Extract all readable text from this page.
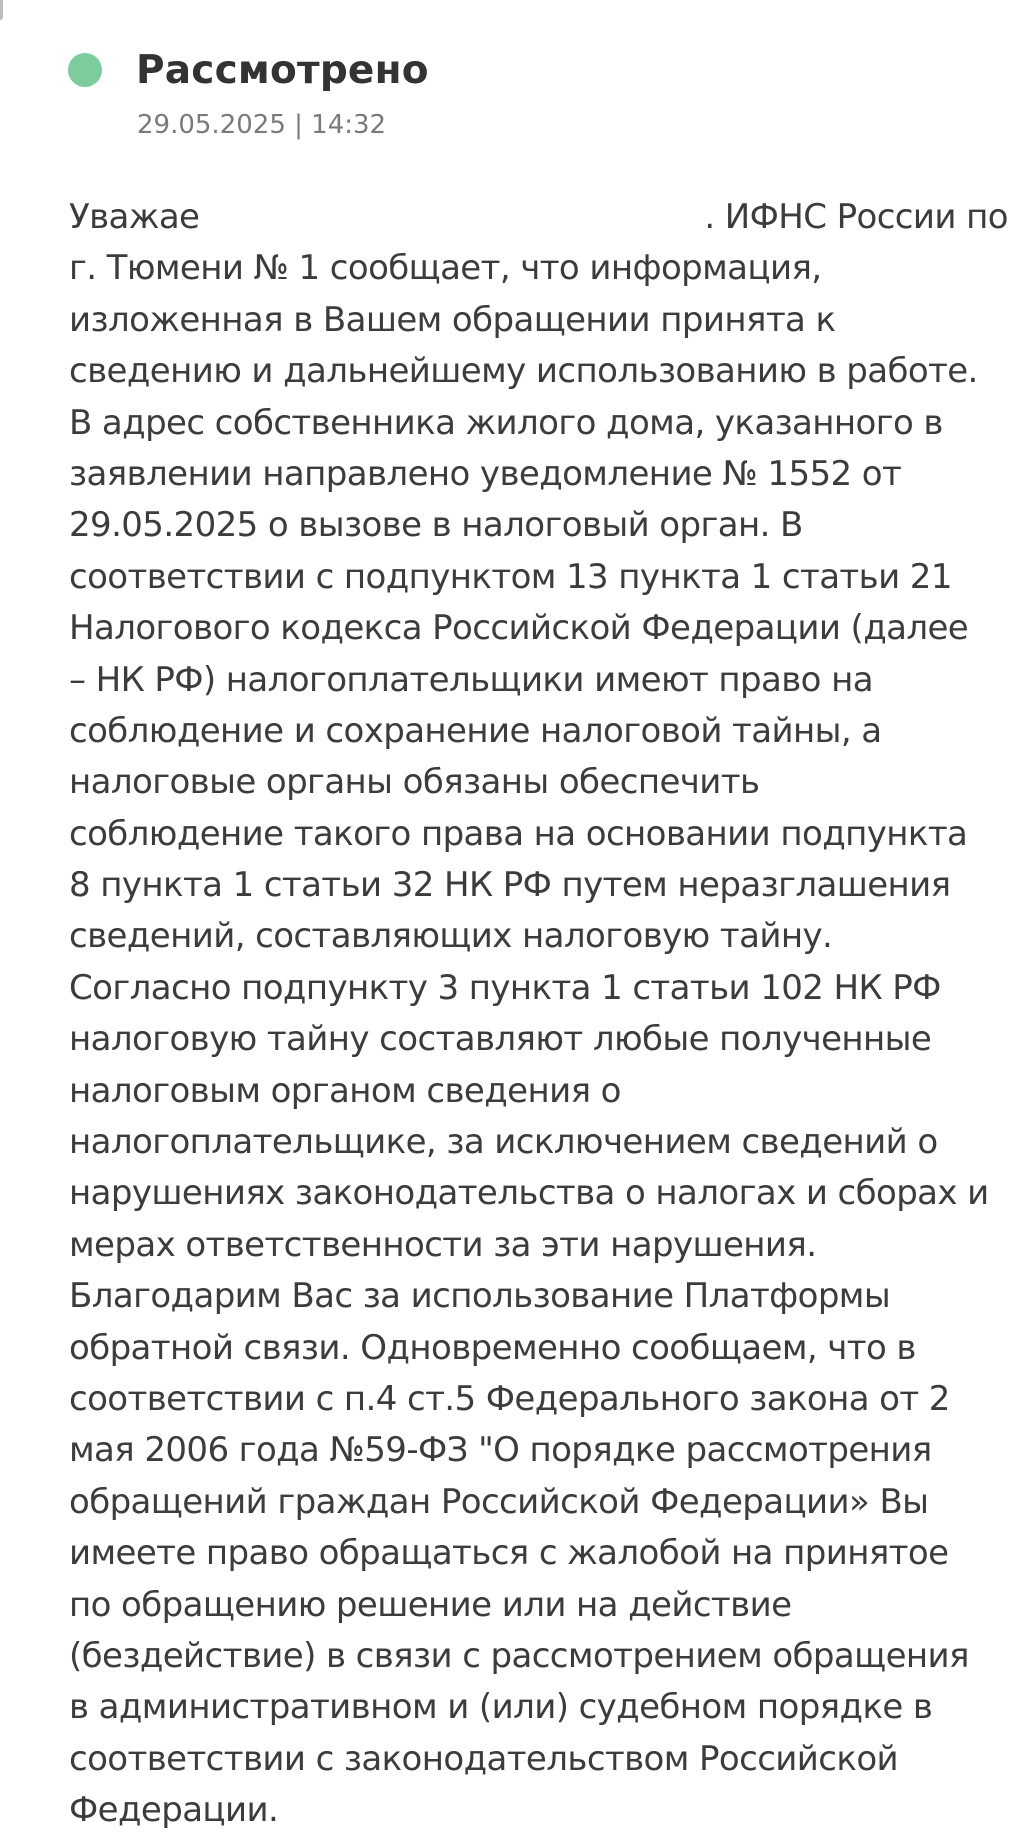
Рассмотрено
29.05.2025 | 14:32
Уважае	. ИФНС России по
г. Тюмени № 1 сообщает, что информация,
изложенная в Вашем обращении принята к
сведению и дальнейшему использованию в работе.
В адрес собственника жилого дома, указанного в
заявлении направлено уведомление № 1552 от
29.05.2025 о вызове в налоговый орган. В
соответствии с подпунктом 13 пункта 1 статьи 21
Налогового кодекса Российской Федерации (далее
– НК РФ) налогоплательщики имеют право на
соблюдение и сохранение налоговой тайны, а
налоговые органы обязаны обеспечить
соблюдение такого права на основании подпункта
8 пункта 1 статьи 32 НК РФ путем неразглашения
сведений, составляющих налоговую тайну.
Согласно подпункту 3 пункта 1 статьи 102 НК РФ
налоговую тайну составляют любые полученные
налоговым органом сведения о
налогоплательщике, за исключением сведений о
нарушениях законодательства о налогах и сборах и
мерах ответственности за эти нарушения.
Благодарим Вас за использование Платформы
обратной связи. Одновременно сообщаем, что в
соответствии с п.4 ст.5 Федерального закона от 2
мая 2006 года №59-ФЗ "О порядке рассмотрения
обращений граждан Российской Федерации» Вы
имеете право обращаться с жалобой на принятое
по обращению решение или на действие
(бездействие) в связи с рассмотрением обращения
в административном и (или) судебном порядке в
соответствии с законодательством Российской
Федерации.
